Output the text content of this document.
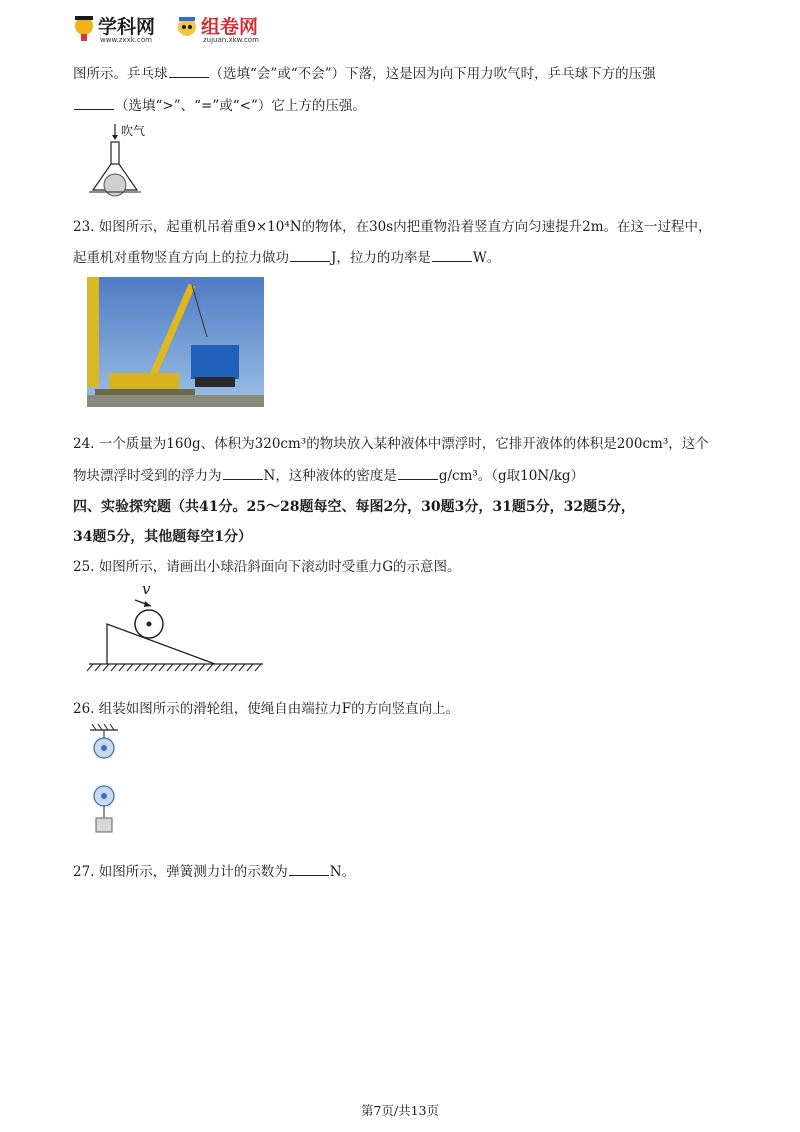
学科网
www.zxxk.com
组卷网
zujuan.xkw.com
图所示。乒乓球	（选填“会”或“不会”）下落，这是因为向下用力吹气时，乒乓球下方的压强
（选填“>”、“=”或“<”）它上方的压强。
吹气
23. 如图所示，起重机吊着重9×10⁴N的物体，在30s内把重物沿着竖直方向匀速提升2m。在这一过程中，
起重机对重物竖直方向上的拉力做功	J，拉力的功率是	W。
24. 一个质量为160g、体积为320cm³的物块放入某种液体中漂浮时，它排开液体的体积是200cm³，这个
物块漂浮时受到的浮力为	N，这种液体的密度是	g/cm³。（g取10N/kg）
四、实验探究题（共41分。25～28题每空、每图2分，30题3分，31题5分，32题5分，
34题5分，其他题每空1分）
25. 如图所示，请画出小球沿斜面向下滚动时受重力G的示意图。
v
26. 组装如图所示的滑轮组，使绳自由端拉力F的方向竖直向上。
27. 如图所示，弹簧测力计的示数为	N。
第7页/共13页
